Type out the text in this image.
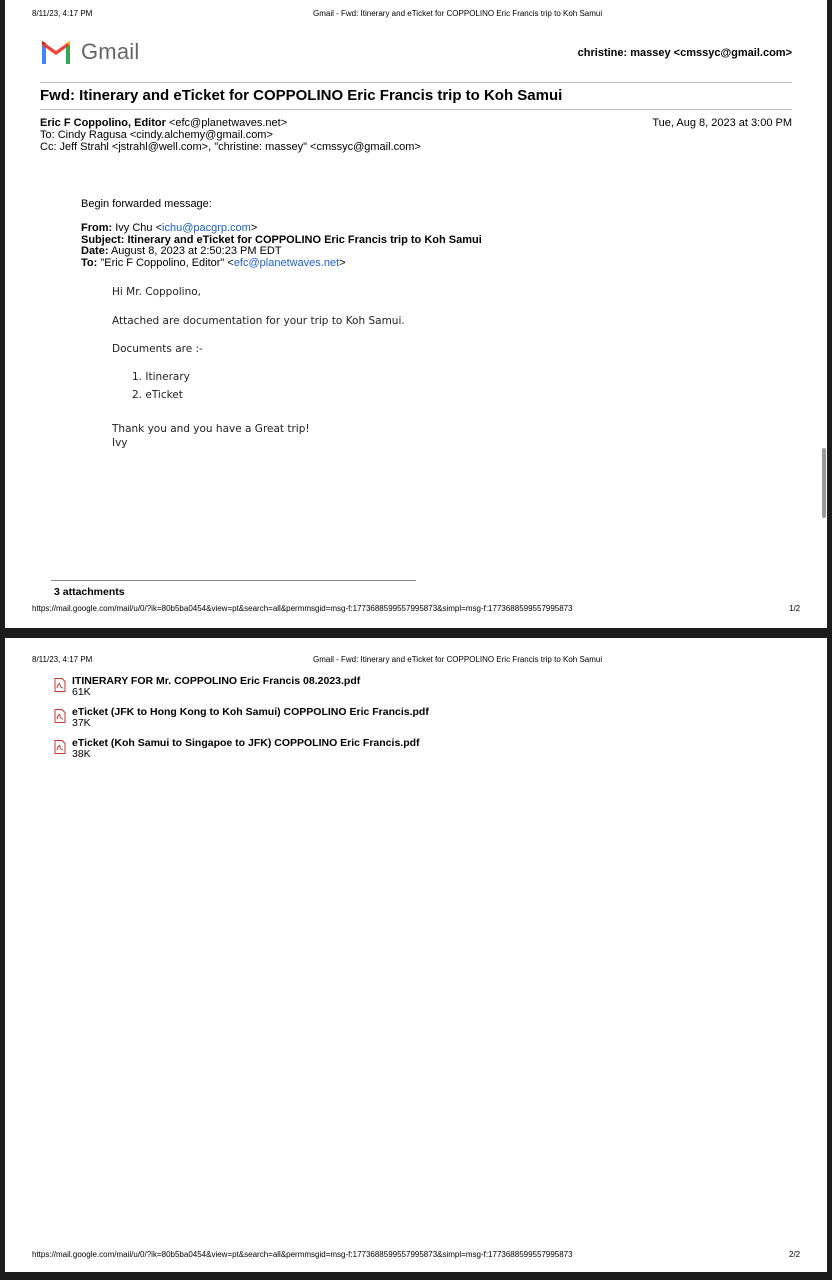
8/11/23, 4:17 PM	Gmail - Fwd: Itinerary and eTicket for COPPOLINO Eric Francis trip to Koh Samui
Gmail	christine: massey <cmssyc@gmail.com>
Fwd: Itinerary and eTicket for COPPOLINO Eric Francis trip to Koh Samui
Eric F Coppolino, Editor <efc@planetwaves.net>	Tue, Aug 8, 2023 at 3:00 PM
To: Cindy Ragusa <cindy.alchemy@gmail.com>
Cc: Jeff Strahl <jstrahl@well.com>, "christine: massey" <cmssyc@gmail.com>
Begin forwarded message:
From: Ivy Chu <ichu@pacgrp.com>
Subject: Itinerary and eTicket for COPPOLINO Eric Francis trip to Koh Samui
Date: August 8, 2023 at 2:50:23 PM EDT
To: "Eric F Coppolino, Editor" <efc@planetwaves.net>
Hi Mr. Coppolino,
Attached are documentation for your trip to Koh Samui.
Documents are :-
1. Itinerary
2. eTicket
Thank you and you have a Great trip!
Ivy
3 attachments
https://mail.google.com/mail/u/0/?ik=80b5ba0454&view=pt&search=all&permmsgid=msg-f:1773688599557995873&simpl=msg-f:1773688599557995873	1/2
8/11/23, 4:17 PM	Gmail - Fwd: Itinerary and eTicket for COPPOLINO Eric Francis trip to Koh Samui
ITINERARY FOR Mr. COPPOLINO Eric Francis 08.2023.pdf
61K
eTicket (JFK to Hong Kong to Koh Samui) COPPOLINO Eric Francis.pdf
37K
eTicket (Koh Samui to Singapoe to JFK) COPPOLINO Eric Francis.pdf
38K
https://mail.google.com/mail/u/0/?ik=80b5ba0454&view=pt&search=all&permmsgid=msg-f:1773688599557995873&simpl=msg-f:1773688599557995873	2/2
